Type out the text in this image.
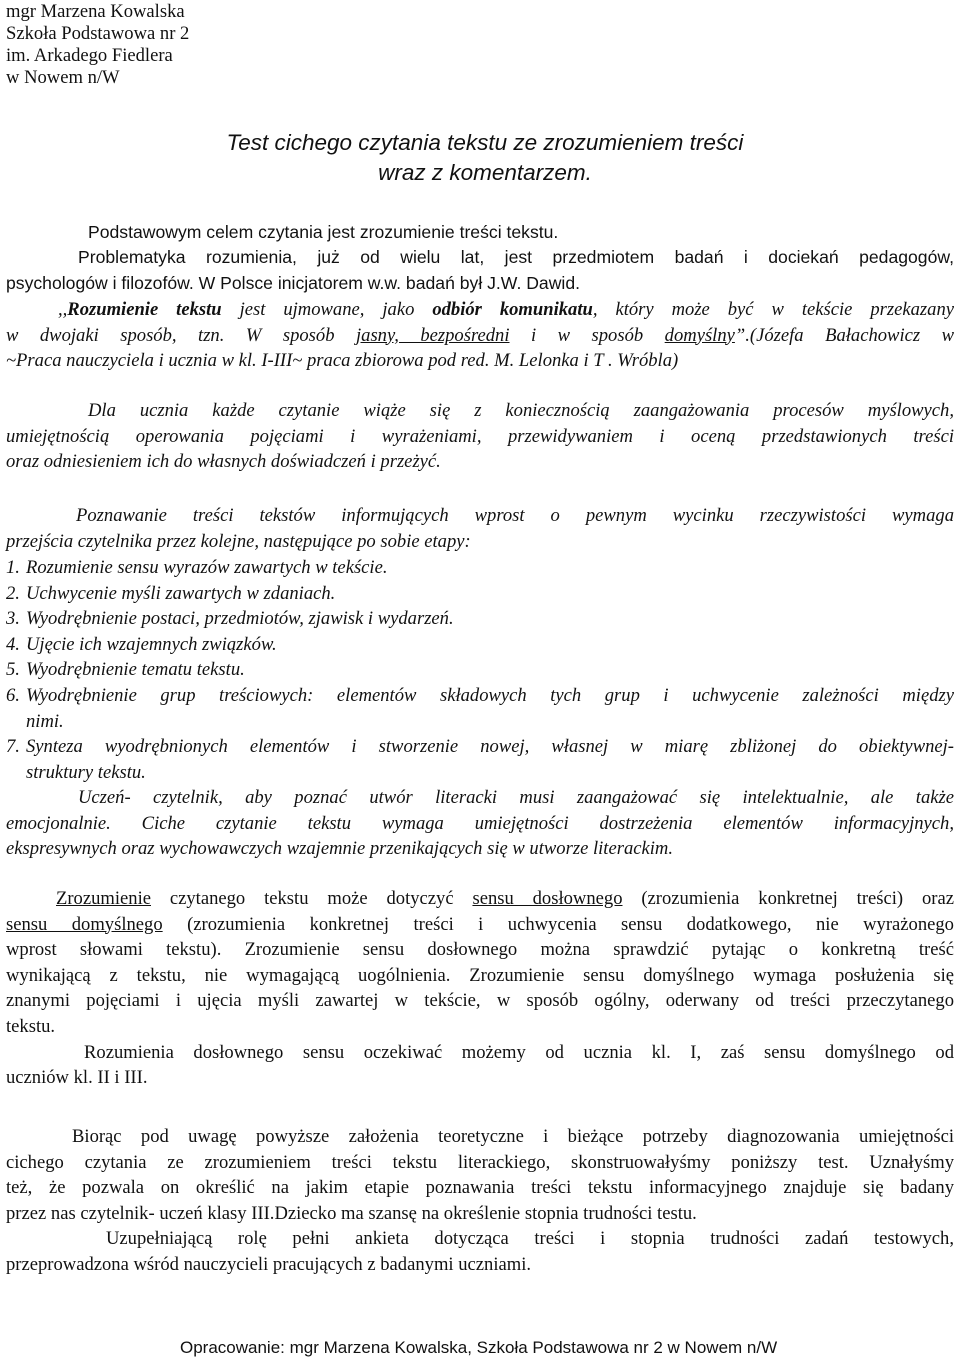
mgr Marzena Kowalska
Szkoła Podstawowa nr 2
im. Arkadego Fiedlera
w Nowem n/W
Test cichego czytania tekstu ze zrozumieniem treści
wraz z komentarzem.
Podstawowym celem czytania jest zrozumienie treści tekstu.
Problematyka rozumienia, już od wielu lat, jest przedmiotem badań i dociekań pedagogów,
psychologów i filozofów. W Polsce inicjatorem w.w. badań był J.W. Dawid.
,,Rozumienie tekstu jest ujmowane, jako odbiór komunikatu, który może być w tekście przekazany
w dwojaki sposób, tzn. W sposób jasny, bezpośredni i w sposób domyślny”.(Józefa Bałachowicz w
~Praca nauczyciela i ucznia w kl. I-III~ praca zbiorowa pod red. M. Lelonka i T . Wróbla)
Dla ucznia każde czytanie wiąże się z koniecznością zaangażowania procesów myślowych,
umiejętnością operowania pojęciami i wyrażeniami, przewidywaniem i oceną przedstawionych treści
oraz odniesieniem ich do własnych doświadczeń i przeżyć.
Poznawanie treści tekstów informujących wprost o pewnym wycinku rzeczywistości wymaga
przejścia czytelnika przez kolejne, następujące po sobie etapy:
1. Rozumienie sensu wyrazów zawartych w tekście.
2. Uchwycenie myśli zawartych w zdaniach.
3. Wyodrębnienie postaci, przedmiotów, zjawisk i wydarzeń.
4. Ujęcie ich wzajemnych związków.
5. Wyodrębnienie tematu tekstu.
6. Wyodrębnienie grup treściowych: elementów składowych tych grup i uchwycenie zależności między
nimi.
7. Synteza wyodrębnionych elementów i stworzenie nowej, własnej w miarę zbliżonej do obiektywnej-
struktury tekstu.
Uczeń- czytelnik, aby poznać utwór literacki musi zaangażować się intelektualnie, ale także
emocjonalnie. Ciche czytanie tekstu wymaga umiejętności dostrzeżenia elementów informacyjnych,
ekspresywnych oraz wychowawczych wzajemnie przenikających się w utworze literackim.
Zrozumienie czytanego tekstu może dotyczyć sensu dosłownego (zrozumienia konkretnej treści) oraz
sensu domyślnego (zrozumienia konkretnej treści i uchwycenia sensu dodatkowego, nie wyrażonego
wprost słowami tekstu). Zrozumienie sensu dosłownego można sprawdzić pytając o konkretną treść
wynikającą z tekstu, nie wymagającą uogólnienia. Zrozumienie sensu domyślnego wymaga posłużenia się
znanymi pojęciami i ujęcia myśli zawartej w tekście, w sposób ogólny, oderwany od treści przeczytanego
tekstu.
Rozumienia dosłownego sensu oczekiwać możemy od ucznia kl. I, zaś sensu domyślnego od
uczniów kl. II i III.
Biorąc pod uwagę powyższe założenia teoretyczne i bieżące potrzeby diagnozowania umiejętności
cichego czytania ze zrozumieniem treści tekstu literackiego, skonstruowałyśmy poniższy test. Uznałyśmy
też, że pozwala on określić na jakim etapie poznawania treści tekstu informacyjnego znajduje się badany
przez nas czytelnik- uczeń klasy III.Dziecko ma szansę na określenie stopnia trudności testu.
Uzupełniającą rolę pełni ankieta dotycząca treści i stopnia trudności zadań testowych,
przeprowadzona wśród nauczycieli pracujących z badanymi uczniami.
Opracowanie: mgr Marzena Kowalska, Szkoła Podstawowa nr 2 w Nowem n/W
